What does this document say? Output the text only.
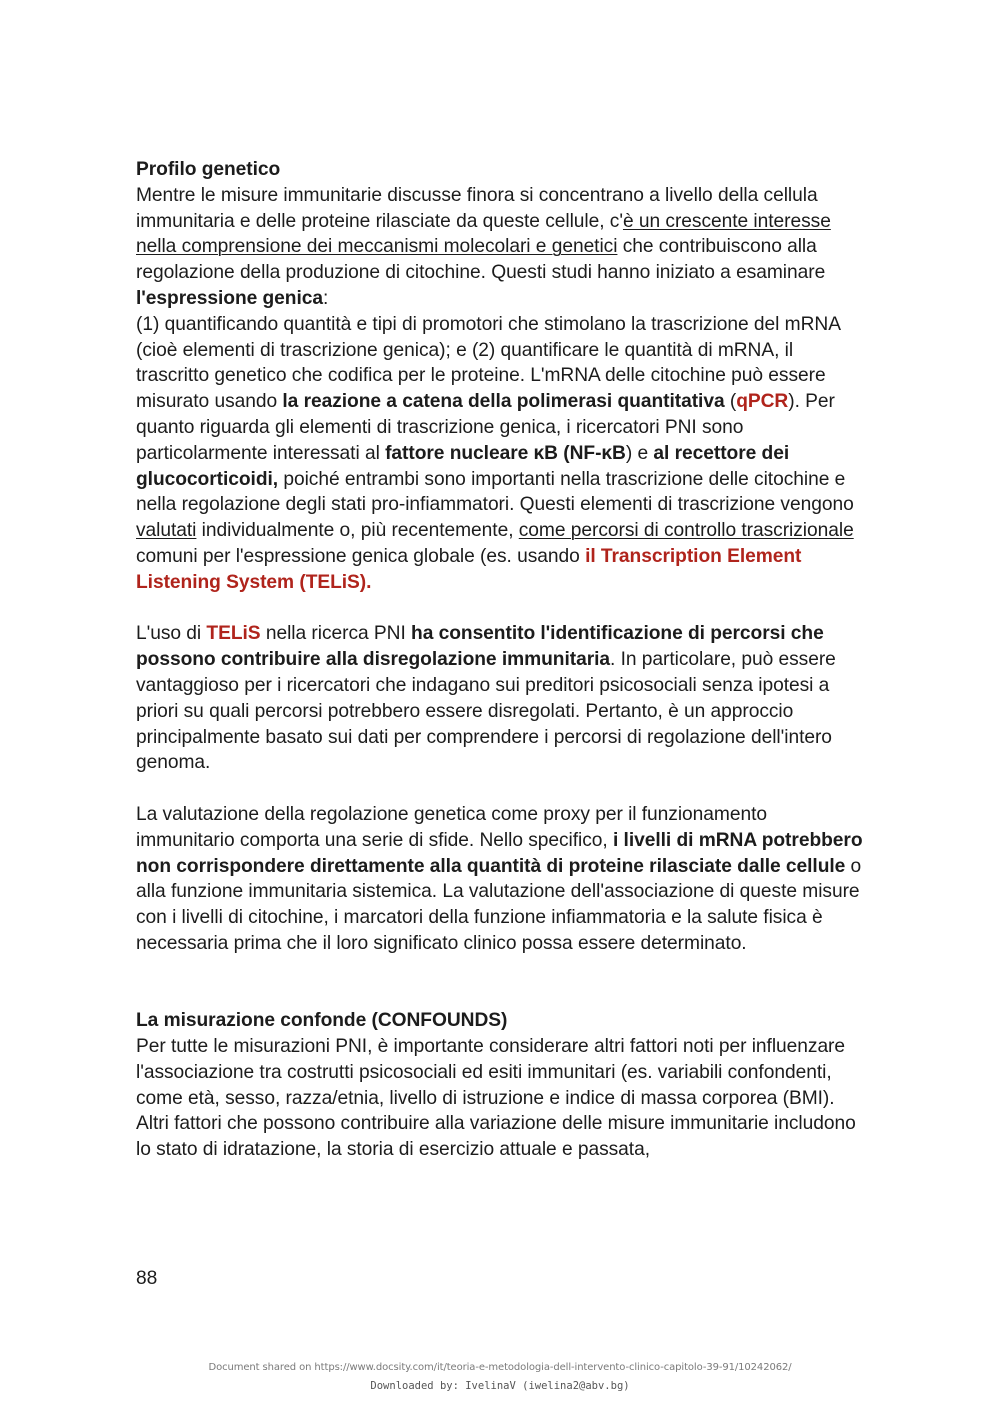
Profilo genetico

Mentre le misure immunitarie discusse finora si concentrano a livello della cellula immunitaria e delle proteine rilasciate da queste cellule, c'è un crescente interesse nella comprensione dei meccanismi molecolari e genetici che contribuiscono alla regolazione della produzione di citochine. Questi studi hanno iniziato a esaminare l'espressione genica:

(1) quantificando quantità e tipi di promotori che stimolano la trascrizione del mRNA (cioè elementi di trascrizione genica); e (2) quantificare le quantità di mRNA, il trascritto genetico che codifica per le proteine. L'mRNA delle citochine può essere misurato usando la reazione a catena della polimerasi quantitativa (qPCR). Per quanto riguarda gli elementi di trascrizione genica, i ricercatori PNI sono particolarmente interessati al fattore nucleare κB (NF-κB) e al recettore dei glucocorticoidi, poiché entrambi sono importanti nella trascrizione delle citochine e nella regolazione degli stati pro-infiammatori. Questi elementi di trascrizione vengono valutati individualmente o, più recentemente, come percorsi di controllo trascrizionale comuni per l'espressione genica globale (es. usando il Transcription Element Listening System (TELiS).

L'uso di TELiS nella ricerca PNI ha consentito l'identificazione di percorsi che possono contribuire alla disregolazione immunitaria. In particolare, può essere vantaggioso per i ricercatori che indagano sui preditori psicosociali senza ipotesi a priori su quali percorsi potrebbero essere disregolati. Pertanto, è un approccio principalmente basato sui dati per comprendere i percorsi di regolazione dell'intero genoma.

La valutazione della regolazione genetica come proxy per il funzionamento immunitario comporta una serie di sfide. Nello specifico, i livelli di mRNA potrebbero non corrispondere direttamente alla quantità di proteine rilasciate dalle cellule o alla funzione immunitaria sistemica. La valutazione dell'associazione di queste misure con i livelli di citochine, i marcatori della funzione infiammatoria e la salute fisica è necessaria prima che il loro significato clinico possa essere determinato.

La misurazione confonde (CONFOUNDS)

Per tutte le misurazioni PNI, è importante considerare altri fattori noti per influenzare l'associazione tra costrutti psicosociali ed esiti immunitari (es. variabili confondenti, come età, sesso, razza/etnia, livello di istruzione e indice di massa corporea (BMI).

Altri fattori che possono contribuire alla variazione delle misure immunitarie includono lo stato di idratazione, la storia di esercizio attuale e passata,

88
Document shared on https://www.docsity.com/it/teoria-e-metodologia-dell-intervento-clinico-capitolo-39-91/10242062/
Downloaded by: IvelinaV (iwelina2@abv.bg)
